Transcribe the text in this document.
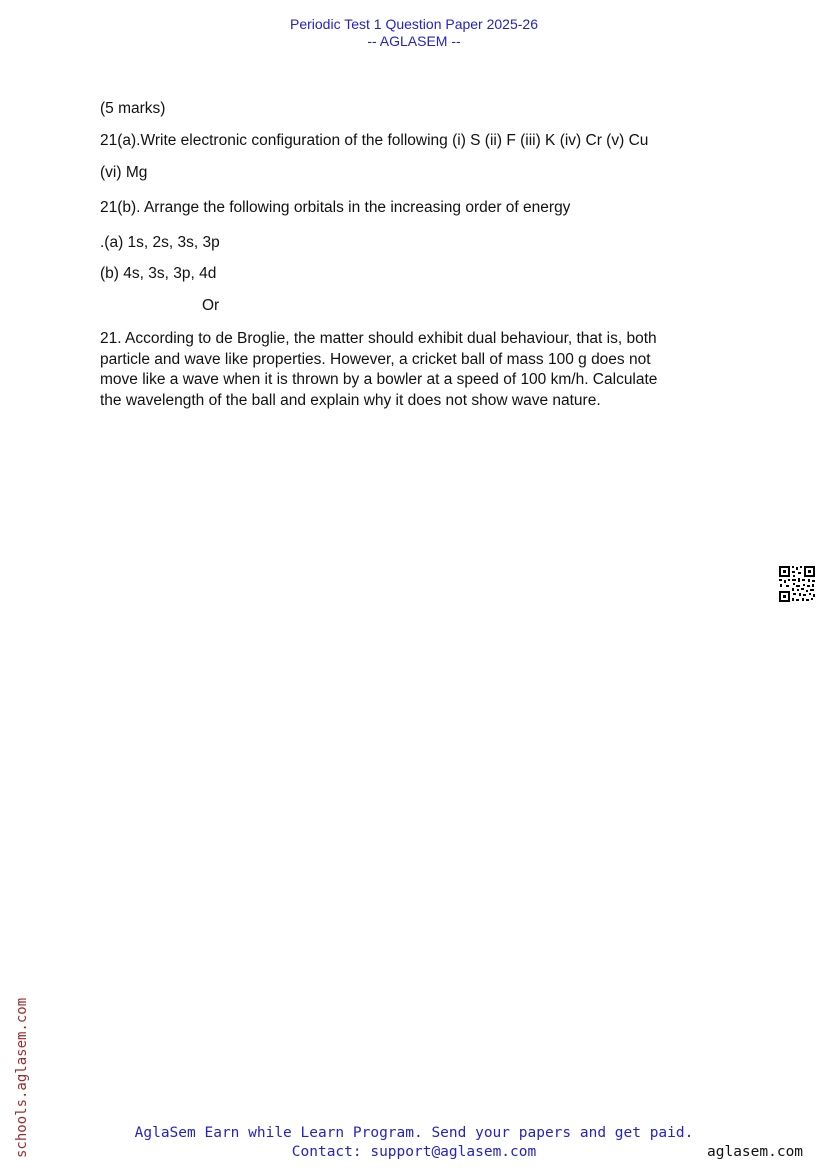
Periodic Test 1 Question Paper 2025-26
-- AGLASEM --
(5 marks)
21(a).Write electronic configuration of the following (i) S (ii) F (iii) K (iv) Cr (v) Cu
(vi) Mg
21(b). Arrange the following orbitals in the increasing order of energy
.(a) 1s, 2s, 3s, 3p
(b) 4s, 3s, 3p, 4d
Or
21. According to de Broglie, the matter should exhibit dual behaviour, that is, both
particle and wave like properties. However, a cricket ball of mass 100 g does not
move like a wave when it is thrown by a bowler at a speed of 100 km/h. Calculate
the wavelength of the ball and explain why it does not show wave nature.
schools.aglasem.com	AglaSem Earn while Learn Program. Send your papers and get paid.
Contact: support@aglasem.com	aglasem.com
